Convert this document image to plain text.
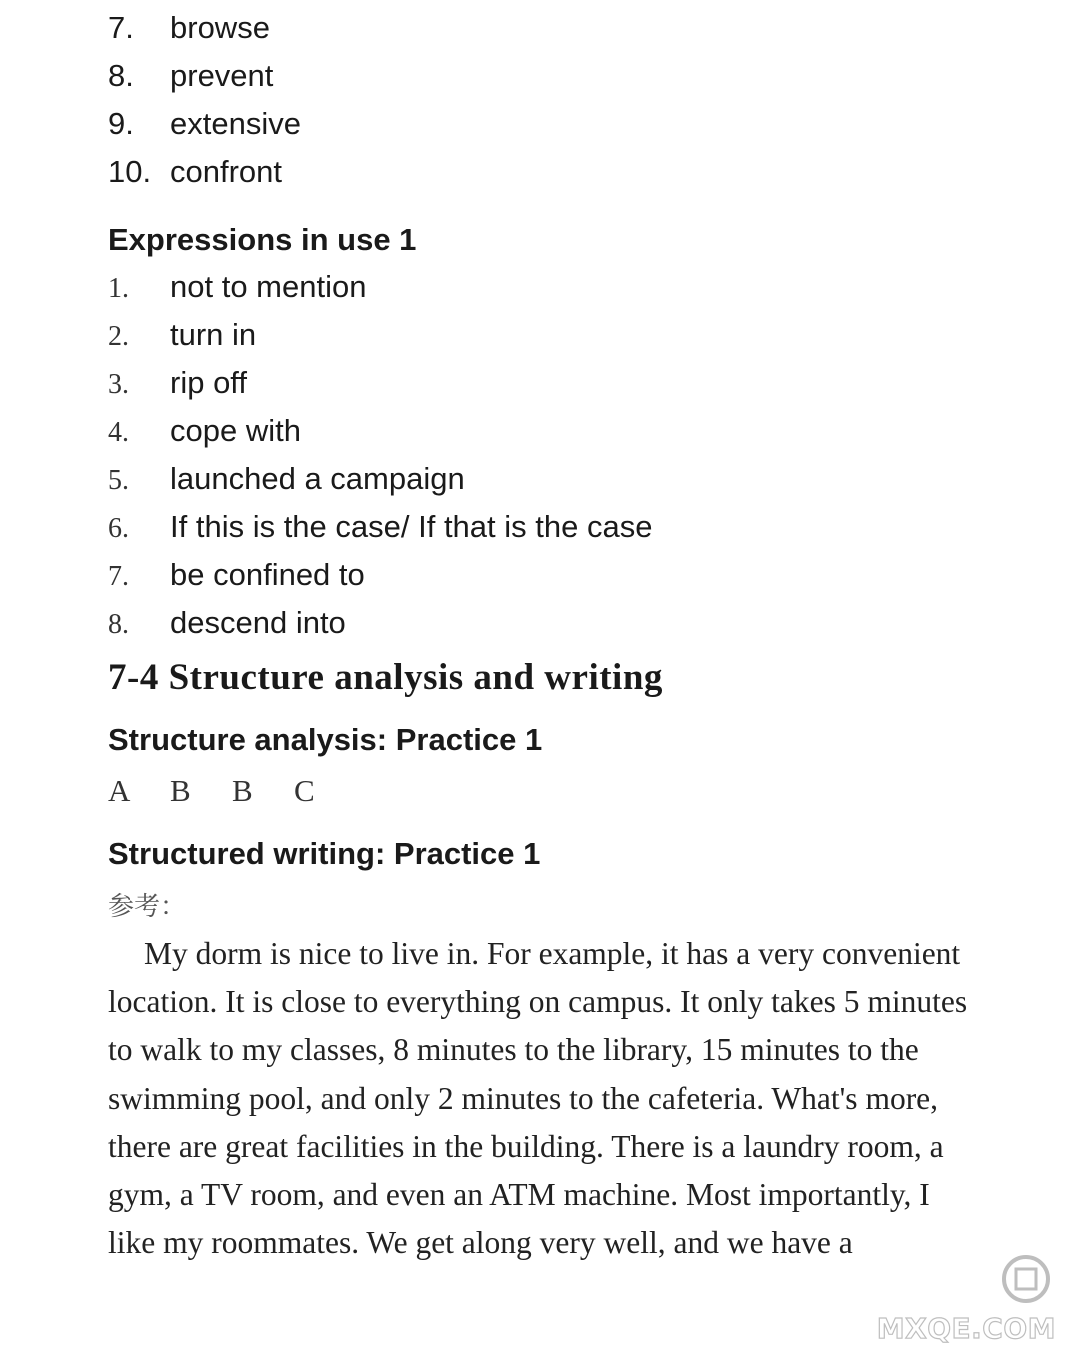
7.	browse
8.	prevent
9.	extensive
10. confront
Expressions in use 1
1.	not to mention
2.	turn in
3.	rip off
4.	cope with
5.	launched a campaign
6.	If this is the case/ If that is the case
7.	be confined to
8.	descend into
7-4 Structure analysis and writing
Structure analysis: Practice 1
A B B C
Structured writing: Practice 1
参考：

My dorm is nice to live in. For example, it has a very convenient location. It is close to everything on campus. It only takes 5 minutes to walk to my classes, 8 minutes to the library, 15 minutes to the swimming pool, and only 2 minutes to the cafeteria. What's more, there are great facilities in the building. There is a laundry room, a gym, a TV room, and even an ATM machine. Most importantly, I like my roommates. We get along very well, and we have a

MXQE.COM
